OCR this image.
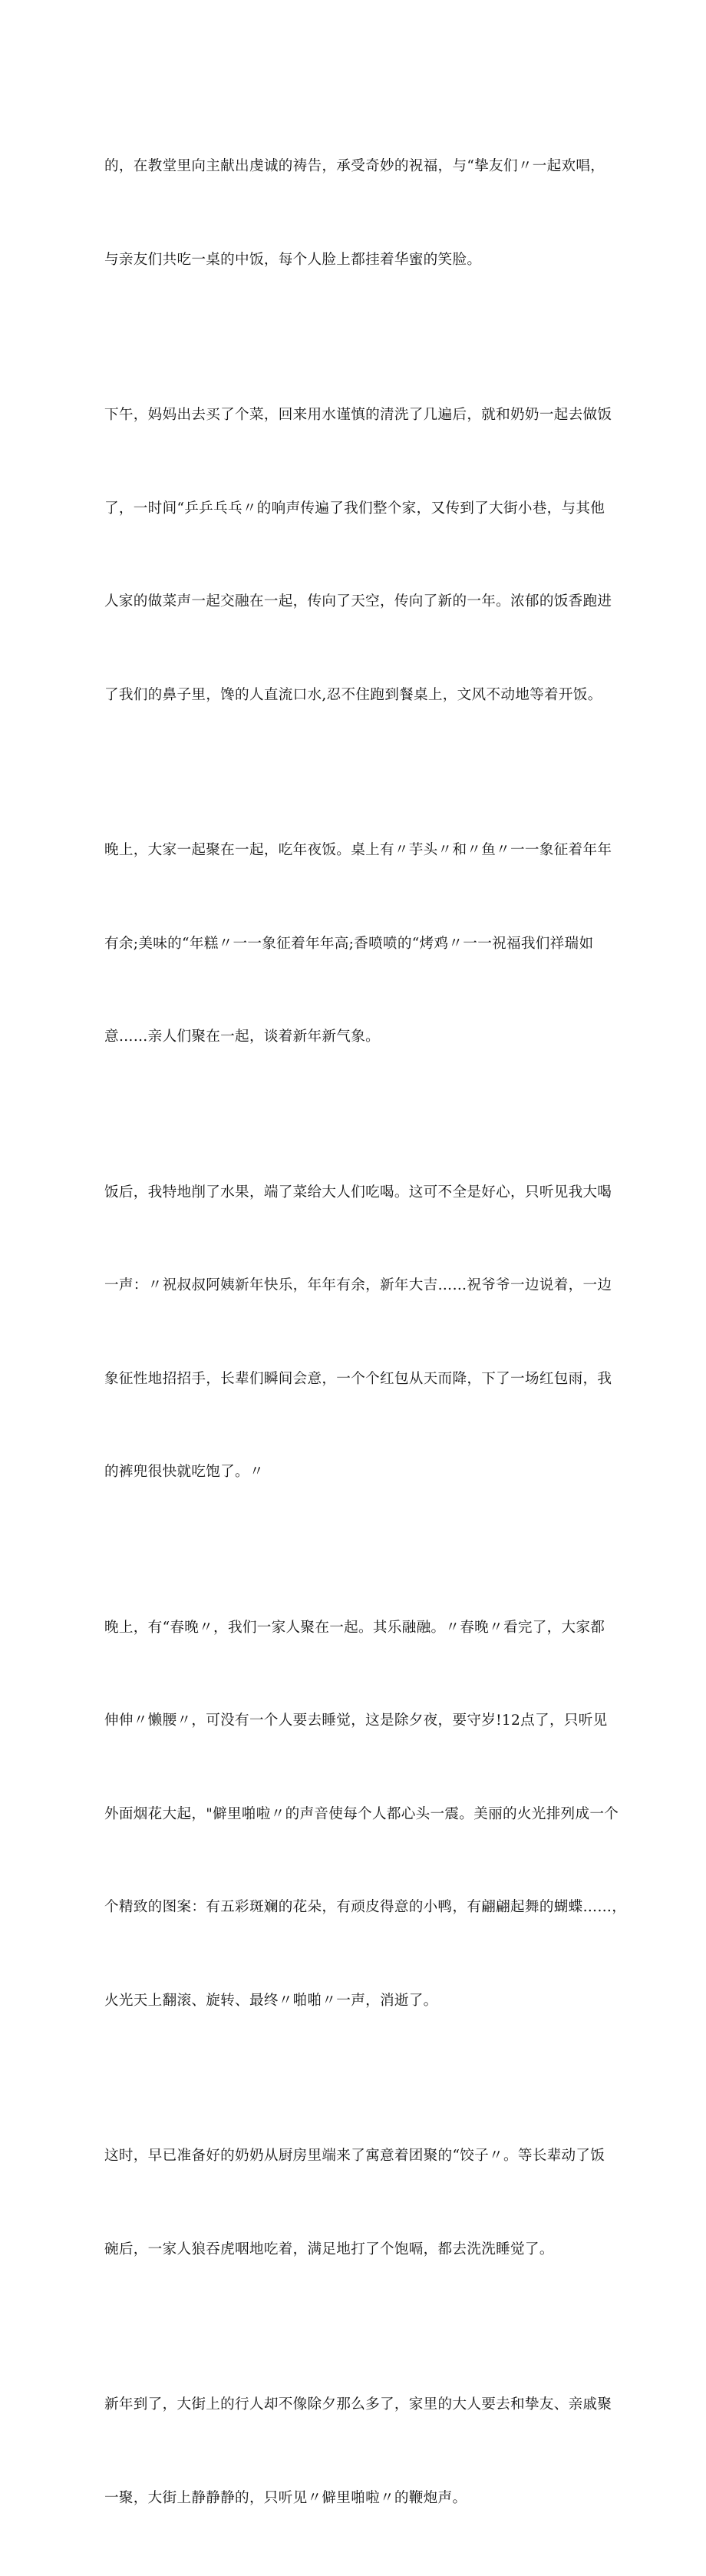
的，在教堂里向主献出虔诚的祷告，承受奇妙的祝福，与“挚友们〃一起欢唱，

与亲友们共吃一桌的中饭，每个人脸上都挂着华蜜的笑脸。

下午，妈妈出去买了个菜，回来用水谨慎的清洗了几遍后，就和奶奶一起去做饭

了，一时间“乒乒乓乓〃的响声传遍了我们整个家，又传到了大街小巷，与其他

人家的做菜声一起交融在一起，传向了天空，传向了新的一年。浓郁的饭香跑进

了我们的鼻子里，馋的人直流口水,忍不住跑到餐桌上，文风不动地等着开饭。

晚上，大家一起聚在一起，吃年夜饭。桌上有〃芋头〃和〃鱼〃一一象征着年年

有余;美味的“年糕〃一一象征着年年高;香喷喷的“烤鸡〃一一祝福我们祥瑞如

意……亲人们聚在一起，谈着新年新气象。

饭后，我特地削了水果，端了菜给大人们吃喝。这可不全是好心，只听见我大喝

一声：〃祝叔叔阿姨新年快乐，年年有余，新年大吉……祝爷爷一边说着，一边

象征性地招招手，长辈们瞬间会意，一个个红包从天而降，下了一场红包雨，我

的裤兜很快就吃饱了。〃

晚上，有“春晚〃，我们一家人聚在一起。其乐融融。〃春晚〃看完了，大家都

伸伸〃懒腰〃，可没有一个人要去睡觉，这是除夕夜，要守岁!12点了，只听见

外面烟花大起，"僻里啪啦〃的声音使每个人都心头一震。美丽的火光排列成一个

个精致的图案：有五彩斑斓的花朵，有顽皮得意的小鸭，有翩翩起舞的蝴蝶……，

火光天上翻滚、旋转、最终〃啪啪〃一声，消逝了。

这时，早已准备好的奶奶从厨房里端来了寓意着团聚的“饺子〃。等长辈动了饭

碗后，一家人狼吞虎咽地吃着，满足地打了个饱嗝，都去洗洗睡觉了。

新年到了，大街上的行人却不像除夕那么多了，家里的大人要去和挚友、亲戚聚

一聚，大街上静静静的，只听见〃僻里啪啦〃的鞭炮声。
